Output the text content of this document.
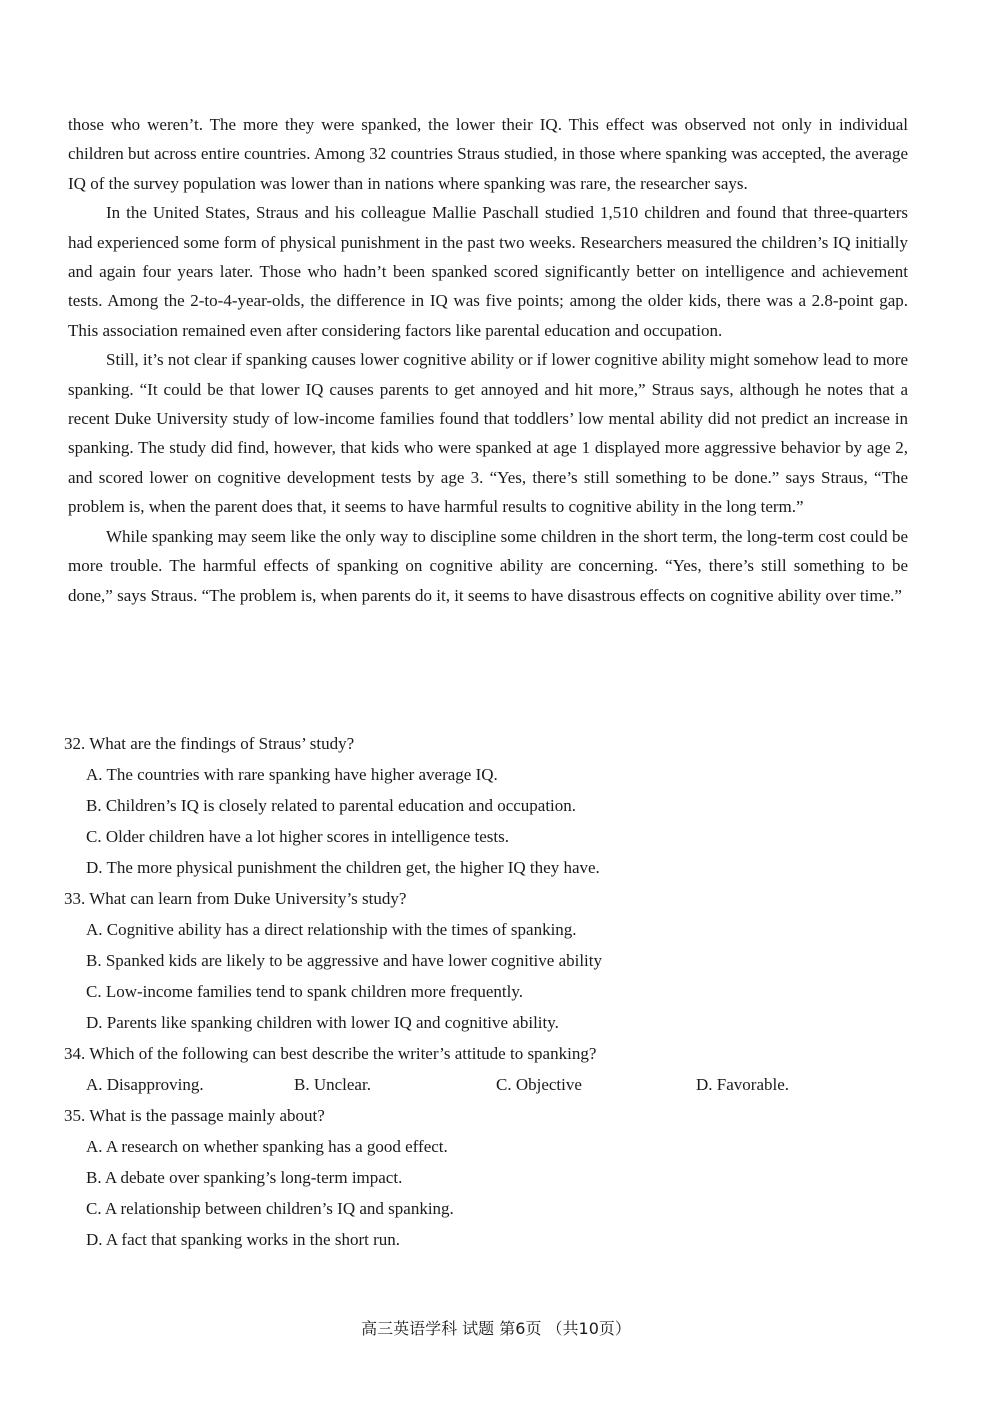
those who weren’t. The more they were spanked, the lower their IQ. This effect was observed not only in individual children but across entire countries. Among 32 countries Straus studied, in those where spanking was accepted, the average IQ of the survey population was lower than in nations where spanking was rare, the researcher says.

In the United States, Straus and his colleague Mallie Paschall studied 1,510 children and found that three-quarters had experienced some form of physical punishment in the past two weeks. Researchers measured the children’s IQ initially and again four years later. Those who hadn’t been spanked scored significantly better on intelligence and achievement tests. Among the 2-to-4-year-olds, the difference in IQ was five points; among the older kids, there was a 2.8-point gap. This association remained even after considering factors like parental education and occupation.

Still, it’s not clear if spanking causes lower cognitive ability or if lower cognitive ability might somehow lead to more spanking. “It could be that lower IQ causes parents to get annoyed and hit more,” Straus says, although he notes that a recent Duke University study of low-income families found that toddlers’ low mental ability did not predict an increase in spanking. The study did find, however, that kids who were spanked at age 1 displayed more aggressive behavior by age 2, and scored lower on cognitive development tests by age 3. “Yes, there’s still something to be done.” says Straus, “The problem is, when the parent does that, it seems to have harmful results to cognitive ability in the long term.”

While spanking may seem like the only way to discipline some children in the short term, the long-term cost could be more trouble. The harmful effects of spanking on cognitive ability are concerning. “Yes, there’s still something to be done,” says Straus. “The problem is, when parents do it, it seems to have disastrous effects on cognitive ability over time.”

32. What are the findings of Straus’ study?
A. The countries with rare spanking have higher average IQ.
B. Children’s IQ is closely related to parental education and occupation.
C. Older children have a lot higher scores in intelligence tests.
D. The more physical punishment the children get, the higher IQ they have.
33. What can learn from Duke University’s study?
A. Cognitive ability has a direct relationship with the times of spanking.
B. Spanked kids are likely to be aggressive and have lower cognitive ability
C. Low-income families tend to spank children more frequently.
D. Parents like spanking children with lower IQ and cognitive ability.
34. Which of the following can best describe the writer’s attitude to spanking?
A. Disapproving.	B. Unclear.	C. Objective	D. Favorable.
35. What is the passage mainly about?
A. A research on whether spanking has a good effect.
B. A debate over spanking’s long-term impact.
C. A relationship between children’s IQ and spanking.
D. A fact that spanking works in the short run.
高三英语学科 试题 第6页 （共10页）
